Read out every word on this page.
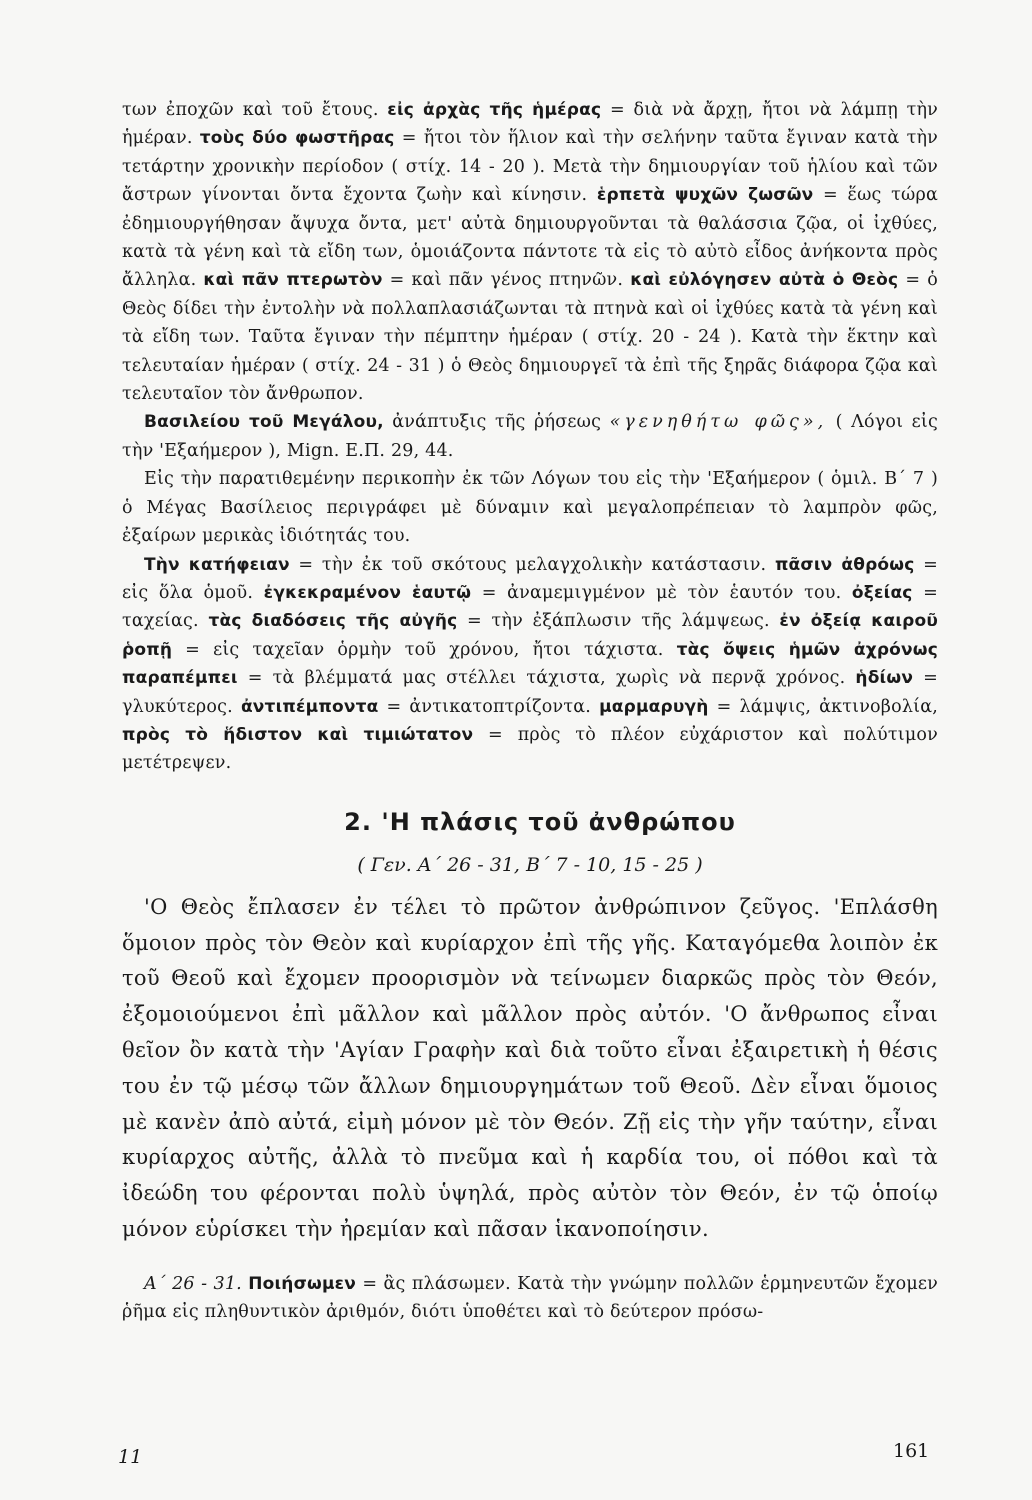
των ἐποχῶν καὶ τοῦ ἔτους. εἰς ἀρχὰς τῆς ἡμέρας = διὰ νὰ ἄρχῃ, ἤτοι νὰ λάμπῃ τὴν ἡμέραν. τοὺς δύο φωστῆρας = ἤτοι τὸν ἥλιον καὶ τὴν σελήνην ταῦτα ἔγιναν κατὰ τὴν τετάρτην χρονικὴν περίοδον ( στίχ. 14 - 20 ). Μετὰ τὴν δημιουργίαν τοῦ ἡλίου καὶ τῶν ἄστρων γίνονται ὄντα ἔχοντα ζωὴν καὶ κίνησιν. ἑρπετὰ ψυχῶν ζωσῶν = ἕως τώρα ἐδημιουργήθησαν ἄψυχα ὄντα, μετ' αὐτὰ δημιουργοῦνται τὰ θαλάσσια ζῷα, οἱ ἰχθύες, κατὰ τὰ γένη καὶ τὰ εἴδη των, ὁμοιάζοντα πάντοτε τὰ εἰς τὸ αὐτὸ εἶδος ἀνήκοντα πρὸς ἄλληλα. καὶ πᾶν πτερωτὸν = καὶ πᾶν γένος πτηνῶν. καὶ εὐλόγησεν αὐτὰ ὁ Θεὸς = ὁ Θεὸς δίδει τὴν ἐντολὴν νὰ πολλαπλασιάζωνται τὰ πτηνὰ καὶ οἱ ἰχθύες κατὰ τὰ γένη καὶ τὰ εἴδη των. Ταῦτα ἔγιναν τὴν πέμπτην ἡμέραν ( στίχ. 20 - 24 ). Κατὰ τὴν ἕκτην καὶ τελευταίαν ἡμέραν ( στίχ. 24 - 31 ) ὁ Θεὸς δημιουργεῖ τὰ ἐπὶ τῆς ξηρᾶς διάφορα ζῷα καὶ τελευταῖον τὸν ἄνθρωπον.

Βασιλείου τοῦ Μεγάλου, ἀνάπτυξις τῆς ῥήσεως «γενηθήτω φῶς», ( Λόγοι εἰς τὴν 'Εξαήμερον ), Mign. E.Π. 29, 44.

Εἰς τὴν παρατιθεμένην περικοπὴν ἐκ τῶν Λόγων του εἰς τὴν 'Εξαήμερον ( ὁμιλ. Β΄ 7 ) ὁ Μέγας Βασίλειος περιγράφει μὲ δύναμιν καὶ μεγαλοπρέπειαν τὸ λαμπρὸν φῶς, ἐξαίρων μερικὰς ἰδιότητάς του.

Τὴν κατήφειαν = τὴν ἐκ τοῦ σκότους μελαγχολικὴν κατάστασιν. πᾶσιν ἀθρόως = εἰς ὅλα ὁμοῦ. ἐγκεκραμένον ἑαυτῷ = ἀναμεμιγμένον μὲ τὸν ἑαυτόν του. ὀξείας = ταχείας. τὰς διαδόσεις τῆς αὐγῆς = τὴν ἐξάπλωσιν τῆς λάμψεως. ἐν ὀξείᾳ καιροῦ ῥοπῇ = εἰς ταχεῖαν ὁρμὴν τοῦ χρόνου, ἤτοι τάχιστα. τὰς ὄψεις ἡμῶν ἀχρόνως παραπέμπει = τὰ βλέμματά μας στέλλει τάχιστα, χωρὶς νὰ περνᾷ χρόνος. ἡδίων = γλυκύτερος. ἀντιπέμποντα = ἀντικατοπτρίζοντα. μαρμαρυγὴ = λάμψις, ἀκτινοβολία, πρὸς τὸ ἥδιστον καὶ τιμιώτατον = πρὸς τὸ πλέον εὐχάριστον καὶ πολύτιμον μετέτρεψεν.

2. 'Η πλάσις τοῦ ἀνθρώπου
( Γεν. Α΄ 26 - 31, Β΄ 7 - 10, 15 - 25 )

'Ο Θεὸς ἔπλασεν ἐν τέλει τὸ πρῶτον ἀνθρώπινον ζεῦγος. 'Επλάσθη ὅμοιον πρὸς τὸν Θεὸν καὶ κυρίαρχον ἐπὶ τῆς γῆς. Καταγόμεθα λοιπὸν ἐκ τοῦ Θεοῦ καὶ ἔχομεν προορισμὸν νὰ τείνωμεν διαρκῶς πρὸς τὸν Θεόν, ἐξομοιούμενοι ἐπὶ μᾶλλον καὶ μᾶλλον πρὸς αὐτόν. 'Ο ἄνθρωπος εἶναι θεῖον ὂν κατὰ τὴν 'Αγίαν Γραφὴν καὶ διὰ τοῦτο εἶναι ἐξαιρετικὴ ἡ θέσις του ἐν τῷ μέσῳ τῶν ἄλλων δημιουργημάτων τοῦ Θεοῦ. Δὲν εἶναι ὅμοιος μὲ κανὲν ἀπὸ αὐτά, εἰμὴ μόνον μὲ τὸν Θεόν. Ζῇ εἰς τὴν γῆν ταύτην, εἶναι κυρίαρχος αὐτῆς, ἀλλὰ τὸ πνεῦμα καὶ ἡ καρδία του, οἱ πόθοι καὶ τὰ ἰδεώδη του φέρονται πολὺ ὑψηλά, πρὸς αὐτὸν τὸν Θεόν, ἐν τῷ ὁποίῳ μόνον εὑρίσκει τὴν ἠρεμίαν καὶ πᾶσαν ἱκανοποίησιν.

Α΄ 26 - 31. Ποιήσωμεν = ἂς πλάσωμεν. Κατὰ τὴν γνώμην πολλῶν ἑρμηνευτῶν ἔχομεν ῥῆμα εἰς πληθυντικὸν ἀριθμόν, διότι ὑποθέτει καὶ τὸ δεύτερον πρόσω-

11	161
